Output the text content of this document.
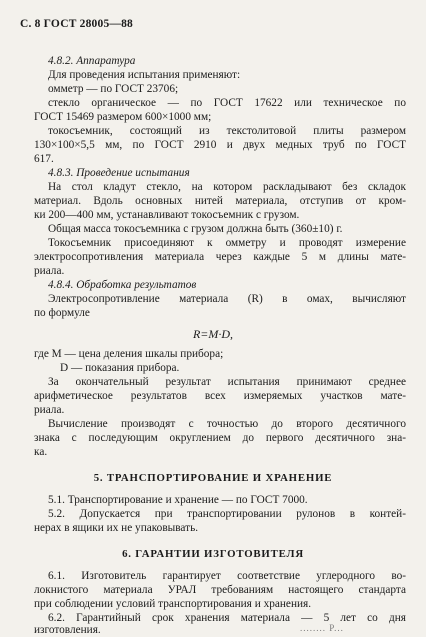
С. 8 ГОСТ 28005—88
4.8.2. Аппаратура
Для проведения испытания применяют:
омметр — по ГОСТ 23706;
стекло органическое — по ГОСТ 17622 или техническое по
ГОСТ 15469 размером 600×1000 мм;
токосъемник, состоящий из текстолитовой плиты размером
130×100×5,5 мм, по ГОСТ 2910 и двух медных труб по ГОСТ
617.
4.8.3. Проведение испытания
На стол кладут стекло, на котором раскладывают без складок
материал. Вдоль основных нитей материала, отступив от кром-
ки 200—400 мм, устанавливают токосъемник с грузом.
Общая масса токосъемника с грузом должна быть (360±10) г.
Токосъемник присоединяют к омметру и проводят измерение
электросопротивления материала через каждые 5 м длины мате-
риала.
4.8.4. Обработка результатов
Электросопротивление материала (R) в омах, вычисляют
по формуле
R=M·D,
где M — цена деления шкалы прибора;
D — показания прибора.
За окончательный результат испытания принимают среднее
арифметическое результатов всех измеряемых участков мате-
риала.
Вычисление производят с точностью до второго десятичного
знака с последующим округлением до первого десятичного зна-
ка.
5. ТРАНСПОРТИРОВАНИЕ И ХРАНЕНИЕ
5.1. Транспортирование и хранение — по ГОСТ 7000.
5.2. Допускается при транспортировании рулонов в контей-
нерах в ящики их не упаковывать.
6. ГАРАНТИИ ИЗГОТОВИТЕЛЯ
6.1. Изготовитель гарантирует соответствие углеродного во-
локнистого материала УРАЛ требованиям настоящего стандарта
при соблюдении условий транспортирования и хранения.
6.2. Гарантийный срок хранения материала — 5 лет со дня
изготовления.	........ Р...
